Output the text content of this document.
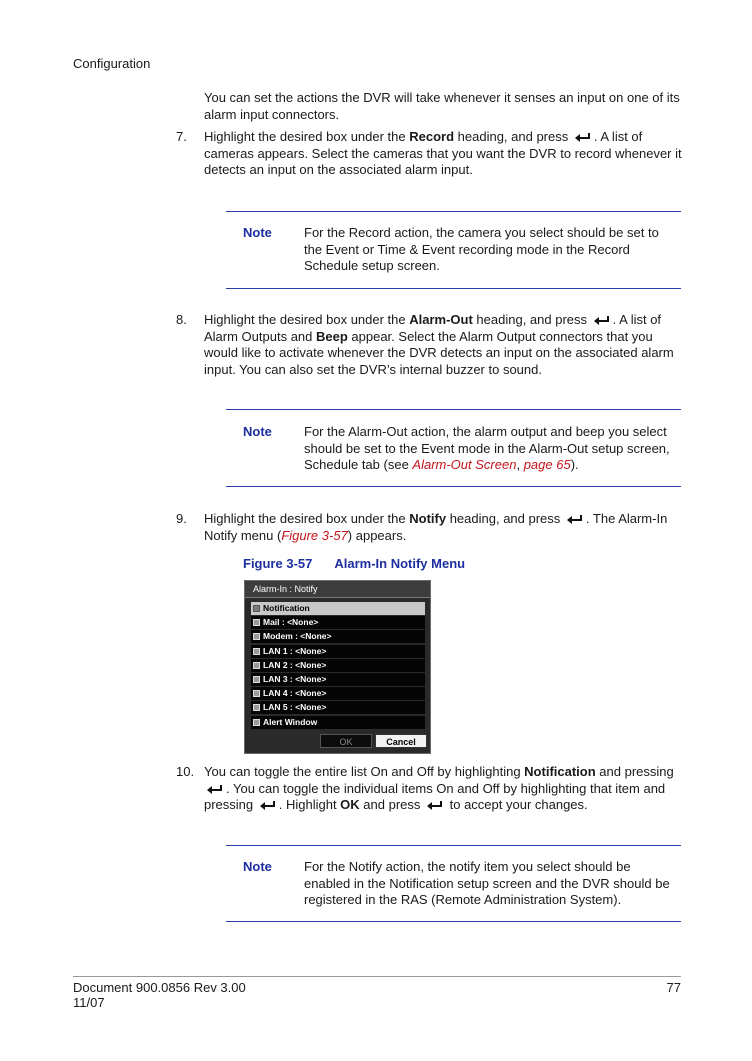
Configuration
You can set the actions the DVR will take whenever it senses an input on one of its alarm input connectors.
7. Highlight the desired box under the Record heading, and press . A list of cameras appears. Select the cameras that you want the DVR to record whenever it detects an input on the associated alarm input.
Note For the Record action, the camera you select should be set to the Event or Time & Event recording mode in the Record Schedule setup screen.
8. Highlight the desired box under the Alarm-Out heading, and press . A list of Alarm Outputs and Beep appear. Select the Alarm Output connectors that you would like to activate whenever the DVR detects an input on the associated alarm input. You can also set the DVR’s internal buzzer to sound.
Note For the Alarm-Out action, the alarm output and beep you select should be set to the Event mode in the Alarm-Out setup screen, Schedule tab (see Alarm-Out Screen, page 65).
9. Highlight the desired box under the Notify heading, and press . The Alarm-In Notify menu (Figure 3-57) appears.
Figure 3-57 Alarm-In Notify Menu
Alarm-In : Notify
Notification
Mail : <None>
Modem : <None>
LAN 1 : <None>
LAN 2 : <None>
LAN 3 : <None>
LAN 4 : <None>
LAN 5 : <None>
Alert Window
OK	Cancel
10. You can toggle the entire list On and Off by highlighting Notification and pressing . You can toggle the individual items On and Off by highlighting that item and pressing . Highlight OK and press  to accept your changes.
Note For the Notify action, the notify item you select should be enabled in the Notification setup screen and the DVR should be registered in the RAS (Remote Administration System).
Document 900.0856 Rev 3.00
11/07
77
